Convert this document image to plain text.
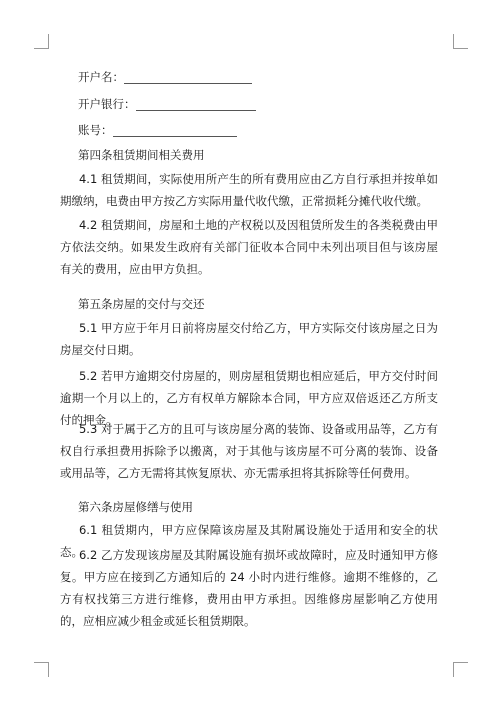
开户名：
开户银行：
账号：
第四条租赁期间相关费用
4.1 租赁期间，实际使用所产生的所有费用应由乙方自行承担并按单如期缴纳，电费由甲方按乙方实际用量代收代缴，正常损耗分摊代收代缴。
4.2 租赁期间，房屋和土地的产权税以及因租赁所发生的各类税费由甲方依法交纳。如果发生政府有关部门征收本合同中未列出项目但与该房屋有关的费用，应由甲方负担。
第五条房屋的交付与交还
5.1 甲方应于年月日前将房屋交付给乙方，甲方实际交付该房屋之日为房屋交付日期。
5.2 若甲方逾期交付房屋的，则房屋租赁期也相应延后，甲方交付时间逾期一个月以上的，乙方有权单方解除本合同，甲方应双倍返还乙方所支付的押金。
5.3 对于属于乙方的且可与该房屋分离的装饰、设备或用品等，乙方有权自行承担费用拆除予以搬离，对于其他与该房屋不可分离的装饰、设备或用品等，乙方无需将其恢复原状、亦无需承担将其拆除等任何费用。
第六条房屋修缮与使用
6.1 租赁期内，甲方应保障该房屋及其附属设施处于适用和安全的状态。
6.2 乙方发现该房屋及其附属设施有损坏或故障时，应及时通知甲方修复。甲方应在接到乙方通知后的 24 小时内进行维修。逾期不维修的，乙方有权找第三方进行维修，费用由甲方承担。因维修房屋影响乙方使用的，应相应减少租金或延长租赁期限。
